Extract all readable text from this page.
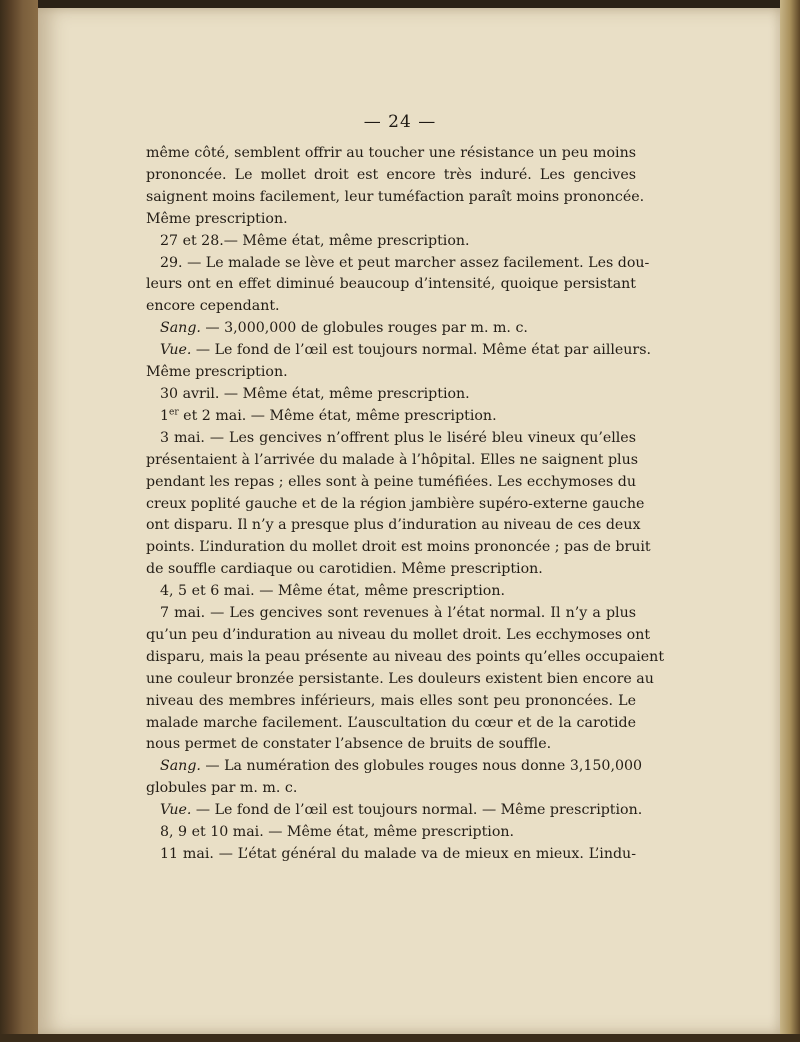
— 24 —
même côté, semblent offrir au toucher une résistance un peu moins
prononcée. Le mollet droit est encore très induré. Les gencives
saignent moins facilement, leur tuméfaction paraît moins prononcée.
Même prescription.
27 et 28.— Même état, même prescription.
29. — Le malade se lève et peut marcher assez facilement. Les dou-
leurs ont en effet diminué beaucoup d’intensité, quoique persistant
encore cependant.
Sang. — 3,000,000 de globules rouges par m. m. c.
Vue. — Le fond de l’œil est toujours normal. Même état par ailleurs.
Même prescription.
30 avril. — Même état, même prescription.
1er et 2 mai. — Même état, même prescription.
3 mai. — Les gencives n’offrent plus le liséré bleu vineux qu’elles
présentaient à l’arrivée du malade à l’hôpital. Elles ne saignent plus
pendant les repas ; elles sont à peine tuméfiées. Les ecchymoses du
creux poplité gauche et de la région jambière supéro-externe gauche
ont disparu. Il n’y a presque plus d’induration au niveau de ces deux
points. L’induration du mollet droit est moins prononcée ; pas de bruit
de souffle cardiaque ou carotidien. Même prescription.
4, 5 et 6 mai. — Même état, même prescription.
7 mai. — Les gencives sont revenues à l’état normal. Il n’y a plus
qu’un peu d’induration au niveau du mollet droit. Les ecchymoses ont
disparu, mais la peau présente au niveau des points qu’elles occupaient
une couleur bronzée persistante. Les douleurs existent bien encore au
niveau des membres inférieurs, mais elles sont peu prononcées. Le
malade marche facilement. L’auscultation du cœur et de la carotide
nous permet de constater l’absence de bruits de souffle.
Sang. — La numération des globules rouges nous donne 3,150,000
globules par m. m. c.
Vue. — Le fond de l’œil est toujours normal. — Même prescription.
8, 9 et 10 mai. — Même état, même prescription.
11 mai. — L’état général du malade va de mieux en mieux. L’indu-
